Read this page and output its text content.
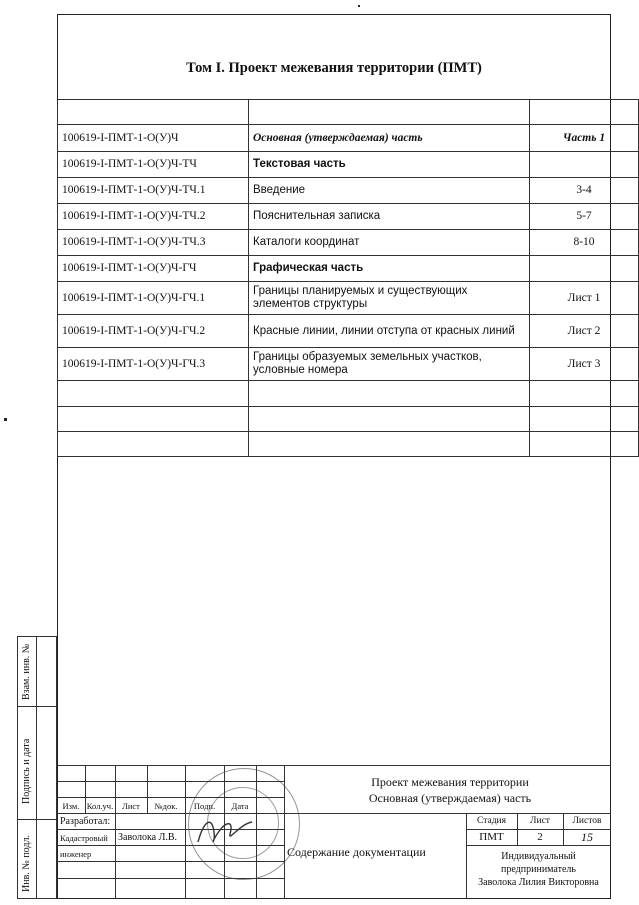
Том I. Проект межевания территории (ПМТ)

100619-I-ПМТ-1-О(У)Ч	Основная (утверждаемая) часть	Часть 1
100619-I-ПМТ-1-О(У)Ч-ТЧ	Текстовая часть	
100619-I-ПМТ-1-О(У)Ч-ТЧ.1	Введение	3-4
100619-I-ПМТ-1-О(У)Ч-ТЧ.2	Пояснительная записка	5-7
100619-I-ПМТ-1-О(У)Ч-ТЧ.3	Каталоги координат	8-10
100619-I-ПМТ-1-О(У)Ч-ГЧ	Графическая часть	
100619-I-ПМТ-1-О(У)Ч-ГЧ.1	Границы планируемых и существующих элементов структуры	Лист 1
100619-I-ПМТ-1-О(У)Ч-ГЧ.2	Красные линии, линии отступа от красных линий	Лист 2
100619-I-ПМТ-1-О(У)Ч-ГЧ.3	Границы образуемых земельных участков, условные номера	Лист 3

Взам. инв. №
Подпись и дата
Инв. № подл.
Проект межевания территории
Основная (утверждаемая) часть
Изм. Кол.уч.	Лист	№док.	Подп.	Дата
Разработал:
Кадастровый
инженер
Заволока Л.В.
Содержание документации
Стадия	Лист	Листов
ПМТ	2	15
Индивидуальный
предприниматель
Заволока Лилия Викторовна
